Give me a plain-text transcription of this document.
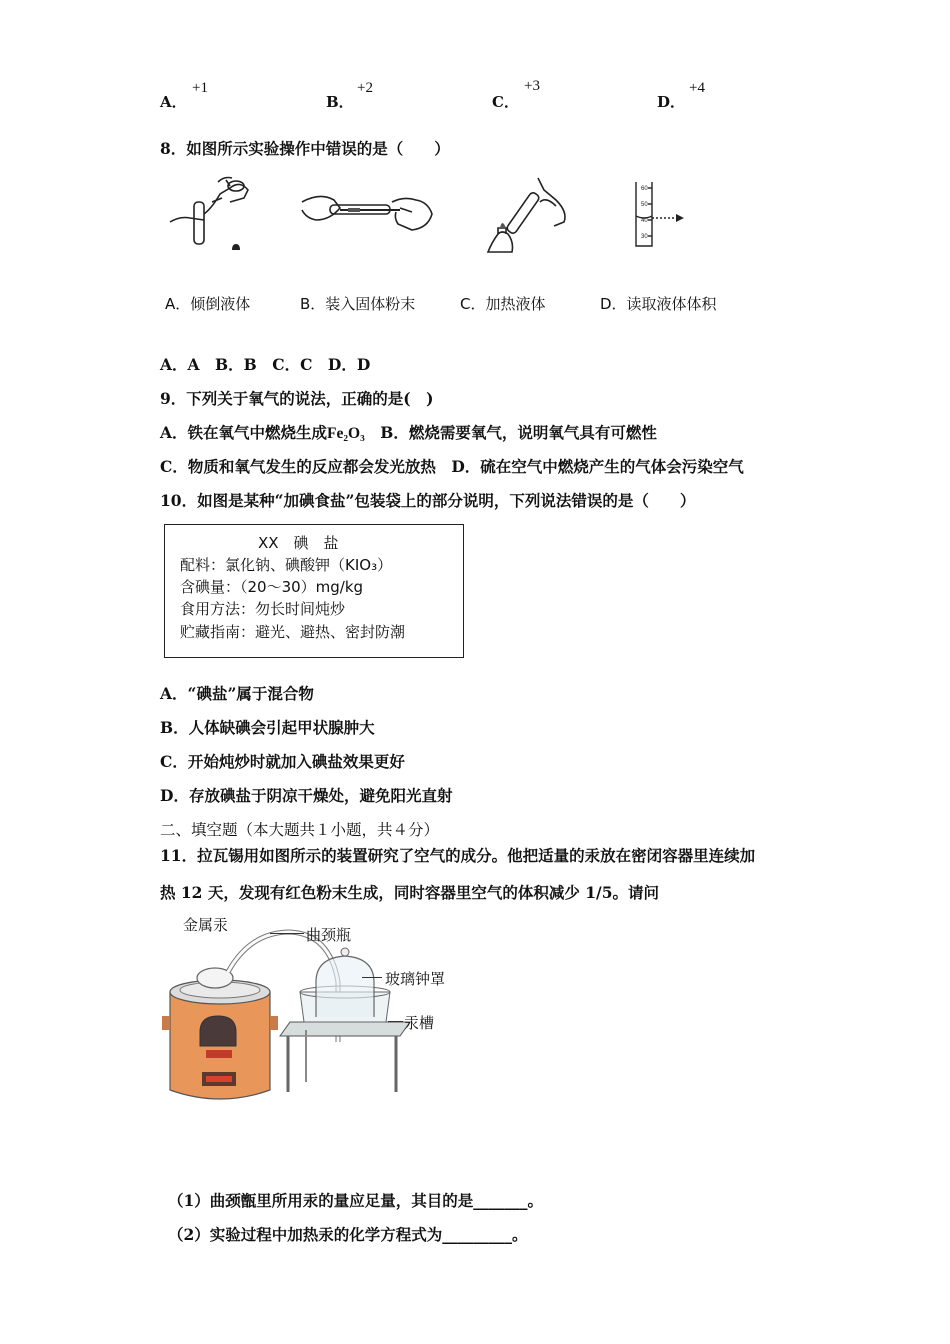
A．
+1
B．
+2
C．
+3
D．
+4
8．如图所示实验操作中错误的是（　　）
60
50
40
30
A．倾倒液体	B．装入固体粉末	C．加热液体	D．读取液体体积
A．A　B．B　C．C　D．D
9．下列关于氧气的说法，正确的是(　)
A．铁在氧气中燃烧生成Fe₂O₃　 B．燃烧需要氧气，说明氧气具有可燃性
C．物质和氧气发生的反应都会发光放热　 D．硫在空气中燃烧产生的气体会污染空气
10．如图是某种“加碘食盐”包装袋上的部分说明，下列说法错误的是（　　）
XX　碘　盐
配料：氯化钠、碘酸钾（KIO₃）
含碘量：（20～30）mg/kg
食用方法：勿长时间炖炒
贮藏指南：避光、避热、密封防潮
A．“碘盐”属于混合物
B．人体缺碘会引起甲状腺肿大
C．开始炖炒时就加入碘盐效果更好
D．存放碘盐于阴凉干燥处，避免阳光直射
二、填空题（本大题共１小题，共４分）
11．拉瓦锡用如图所示的装置研究了空气的成分。他把适量的汞放在密闭容器里连续加
热 12 天，发现有红色粉末生成，同时容器里空气的体积减少 1/5。请问
金属汞
曲颈瓶
玻璃钟罩
汞槽
（1）曲颈甑里所用汞的量应足量，其目的是_______。
（2）实验过程中加热汞的化学方程式为_________。
